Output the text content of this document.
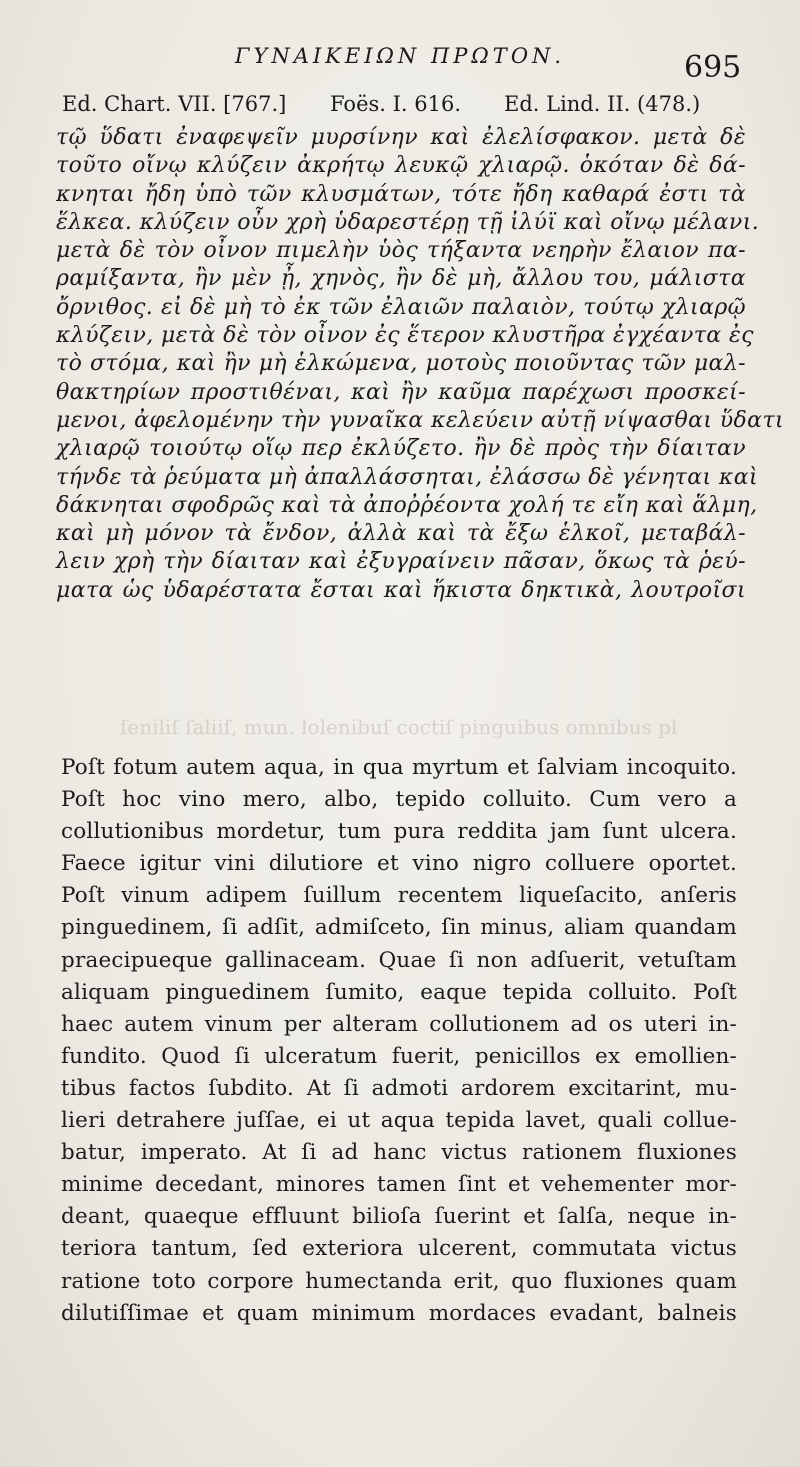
ΓΥΝΑΙΚΕΙΩΝ ΠΡΩΤΟΝ.	695
Ed. Chart. VII. [767.] Foës. I. 616. Ed. Lind. II. (478.)
τῷ ὕδατι ἐναφεψεῖν μυρσίνην καὶ ἐλελίσφακον. μετὰ δὲ
τοῦτο οἴνῳ κλύζειν ἀκρήτῳ λευκῷ χλιαρῷ. ὁκόταν δὲ δά-
κνηται ἤδη ὑπὸ τῶν κλυσμάτων, τότε ἤδη καθαρά ἐστι τὰ
ἕλκεα. κλύζειν οὖν χρὴ ὑδαρεστέρῃ τῇ ἰλύϊ καὶ οἴνῳ μέλανι.
μετὰ δὲ τὸν οἶνον πιμελὴν ὑὸς τήξαντα νεηρὴν ἔλαιον πα-
ραμίξαντα, ἢν μὲν ᾖ, χηνὸς, ἢν δὲ μὴ, ἄλλου του, μάλιστα
ὄρνιθος. εἰ δὲ μὴ τὸ ἐκ τῶν ἐλαιῶν παλαιὸν, τούτῳ χλιαρῷ
κλύζειν, μετὰ δὲ τὸν οἶνον ἐς ἕτερον κλυστῆρα ἐγχέαντα ἐς
τὸ στόμα, καὶ ἢν μὴ ἑλκώμενα, μοτοὺς ποιοῦντας τῶν μαλ-
θακτηρίων προστιθέναι, καὶ ἢν καῦμα παρέχωσι προσκεί-
μενοι, ἀφελομένην τὴν γυναῖκα κελεύειν αὐτῇ νίψασθαι ὕδατι
χλιαρῷ τοιούτῳ οἵῳ περ ἐκλύζετο. ἢν δὲ πρὸς τὴν δίαιταν
τήνδε τὰ ῥεύματα μὴ ἀπαλλάσσηται, ἐλάσσω δὲ γένηται καὶ
δάκνηται σφοδρῶς καὶ τὰ ἀποῤῥέοντα χολή τε εἴη καὶ ἅλμη,
καὶ μὴ μόνον τὰ ἔνδον, ἀλλὰ καὶ τὰ ἔξω ἑλκοῖ, μεταβάλ-
λειν χρὴ τὴν δίαιταν καὶ ἐξυγραίνειν πᾶσαν, ὅκως τὰ ῥεύ-
ματα ὡς ὑδαρέστατα ἔσται καὶ ἥκιστα δηκτικὰ, λουτροῖσι
ſeniliſ ſaliiſ, mun. lolenibuſ coctiſ pinguibus omnibus pl
Poſt fotum autem aqua, in qua myrtum et ſalviam incoquito.
Poſt hoc vino mero, albo, tepido colluito. Cum vero a
collutionibus mordetur, tum pura reddita jam ſunt ulcera.
Faece igitur vini dilutiore et vino nigro colluere oportet.
Poſt vinum adipem ſuillum recentem liqueſacito, anſeris
pinguedinem, ſi adſit, admiſceto, ſin minus, aliam quandam
praecipueque gallinaceam. Quae ſi non adſuerit, vetuſtam
aliquam pinguedinem ſumito, eaque tepida colluito. Poſt
haec autem vinum per alteram collutionem ad os uteri in-
fundito. Quod ſi ulceratum fuerit, penicillos ex emollien-
tibus factos ſubdito. At ſi admoti ardorem excitarint, mu-
lieri detrahere juſſae, ei ut aqua tepida lavet, quali collue-
batur, imperato. At ſi ad hanc victus rationem fluxiones
minime decedant, minores tamen ſint et vehementer mor-
deant, quaeque effluunt bilioſa ſuerint et ſalſa, neque in-
teriora tantum, ſed exteriora ulcerent, commutata victus
ratione toto corpore humectanda erit, quo fluxiones quam
dilutiſſimae et quam minimum mordaces evadant, balneis
